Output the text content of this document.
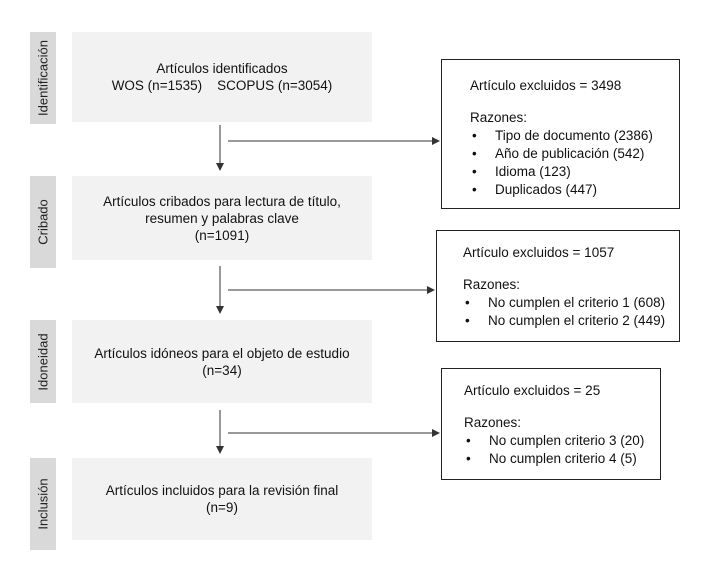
Identificación
Cribado
Idoneidad
Inclusión
Artículos identificados
WOS (n=1535)    SCOPUS (n=3054)
Artículos cribados para lectura de título,
resumen y palabras clave
(n=1091)
Artículos idóneos para el objeto de estudio
(n=34)
Artículos incluidos para la revisión final
(n=9)
Artículo excluidos = 3498
Razones:
• Tipo de documento (2386)
• Año de publicación (542)
• Idioma (123)
• Duplicados (447)
Artículo excluidos = 1057
Razones:
• No cumplen el criterio 1 (608)
• No cumplen el criterio 2 (449)
Artículo excluidos = 25
Razones:
• No cumplen criterio 3 (20)
• No cumplen criterio 4 (5)
